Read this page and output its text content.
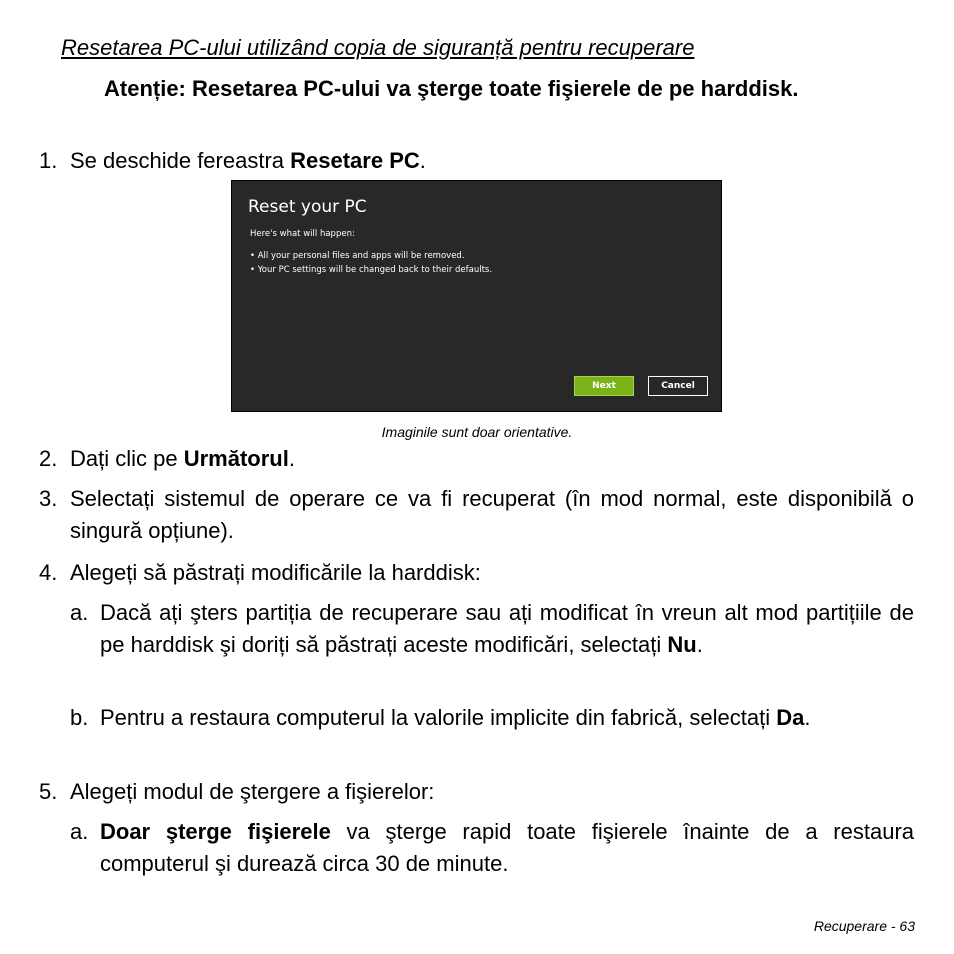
Resetarea PC-ului utilizând copia de siguranță pentru recuperare
Atenție: Resetarea PC-ului va şterge toate fişierele de pe harddisk.
1. Se deschide fereastra Resetare PC.
Reset your PC
Here's what will happen:
• All your personal files and apps will be removed.
• Your PC settings will be changed back to their defaults.
Next	Cancel
Imaginile sunt doar orientative.
2. Dați clic pe Următorul.
3. Selectați sistemul de operare ce va fi recuperat (în mod normal, este disponibilă o singură opțiune).
4. Alegeți să păstrați modificările la harddisk:
a. Dacă ați şters partiția de recuperare sau ați modificat în vreun alt mod partițiile de pe harddisk şi doriți să păstrați aceste modificări, selectați Nu.
b. Pentru a restaura computerul la valorile implicite din fabrică, selectați Da.
5. Alegeți modul de ştergere a fişierelor:
a. Doar şterge fişierele va şterge rapid toate fişierele înainte de a restaura computerul şi durează circa 30 de minute.
Recuperare - 63
